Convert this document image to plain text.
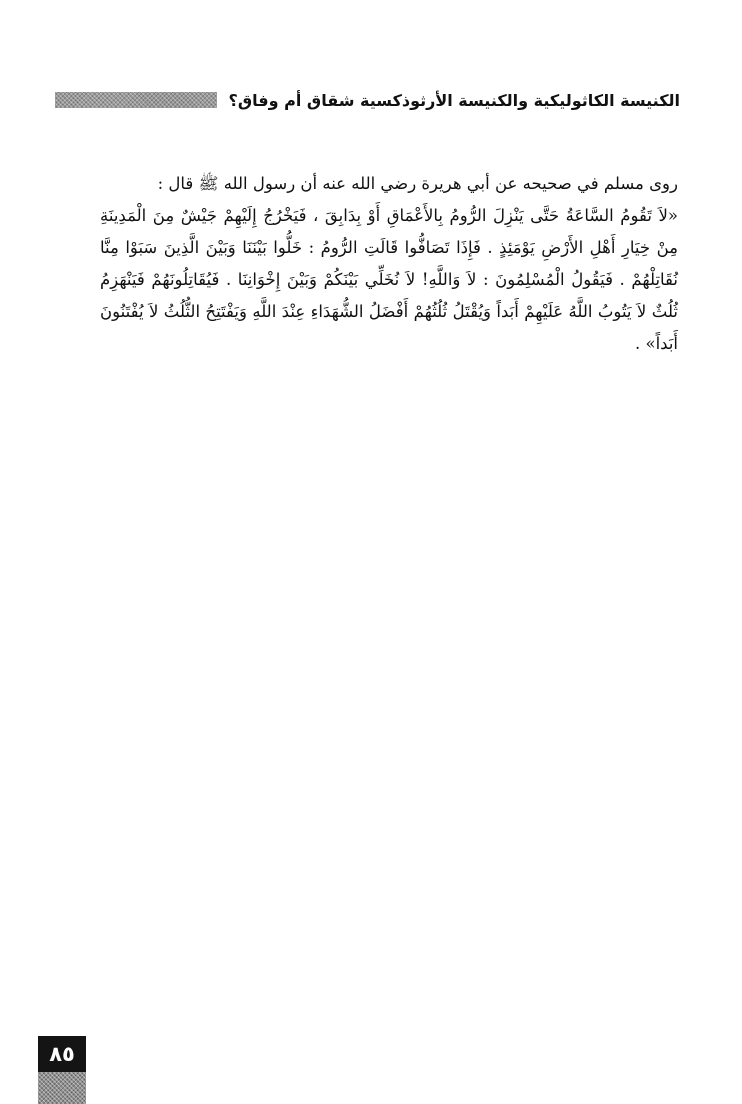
الكنيسة الكاثوليكية والكنيسة الأرثوذكسية شقاق أم وفاق؟

روى مسلم في صحيحه عن أبي هريرة رضي الله عنه أن رسول الله ﷺ قال :

«لاَ تَقُومُ السَّاعَةُ حَتَّى يَنْزِلَ الرُّومُ بِالأَعْمَاقِ أَوْ بِدَابِقَ ، فَيَخْرُجُ إِلَيْهِمْ جَيْشٌ مِنَ الْمَدِينَةِ مِنْ خِيَارِ أَهْلِ الأَرْضِ يَوْمَئِذٍ . فَإِذَا تَصَافُّوا قَالَتِ الرُّومُ : خَلُّوا بَيْنَنَا وَبَيْنَ الَّذِينَ سَبَوْا مِنَّا نُقَاتِلْهُمْ . فَيَقُولُ الْمُسْلِمُونَ : لاَ وَاللَّهِ! لاَ نُخَلِّي بَيْنَكُمْ وَبَيْنَ إِخْوَانِنَا . فَيُقَاتِلُونَهُمْ فَيَنْهَزِمُ ثُلُثٌ لاَ يَتُوبُ اللَّهُ عَلَيْهِمْ أَبَداً وَيُقْتَلُ ثُلُثُهُمْ أَفْضَلُ الشُّهَدَاءِ عِنْدَ اللَّهِ وَيَفْتَتِحُ الثُّلُثُ لاَ يُفْتَنُونَ أَبَداً» .

٨٥
